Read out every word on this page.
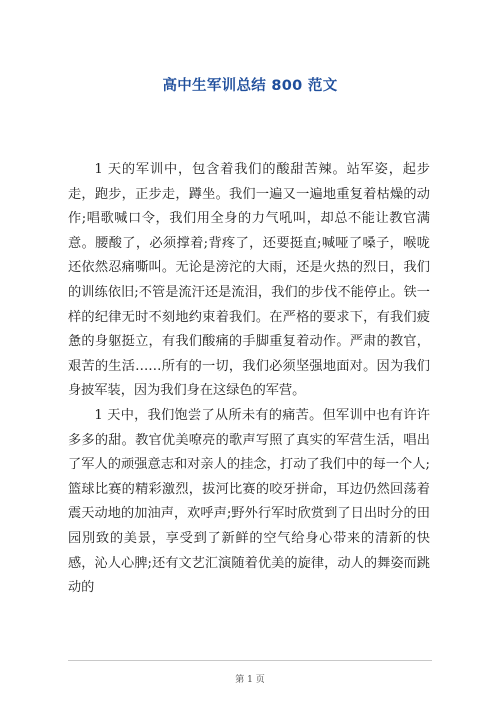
高中生军训总结 800 范文

1 天的军训中，包含着我们的酸甜苦辣。站军姿，起步走，跑步，正步走，蹲坐。我们一遍又一遍地重复着枯燥的动作;唱歌喊口令，我们用全身的力气吼叫，却总不能让教官满意。腰酸了，必须撑着;背疼了，还要挺直;喊哑了嗓子，喉咙还依然忍痛嘶叫。无论是滂沱的大雨，还是火热的烈日，我们的训练依旧;不管是流汗还是流泪，我们的步伐不能停止。铁一样的纪律无时不刻地约束着我们。在严格的要求下，有我们疲惫的身躯挺立，有我们酸痛的手脚重复着动作。严肃的教官，艰苦的生活……所有的一切，我们必须坚强地面对。因为我们身披军装，因为我们身在这绿色的军营。

1 天中，我们饱尝了从所未有的痛苦。但军训中也有许许多多的甜。教官优美嘹亮的歌声写照了真实的军营生活，唱出了军人的顽强意志和对亲人的挂念，打动了我们中的每一个人;篮球比赛的精彩激烈，拔河比赛的咬牙拼命，耳边仍然回荡着震天动地的加油声，欢呼声;野外行军时欣赏到了日出时分的田园別致的美景，享受到了新鲜的空气给身心带来的清新的快感，沁人心脾;还有文艺汇演随着优美的旋律，动人的舞姿而跳动的

第 1 页
